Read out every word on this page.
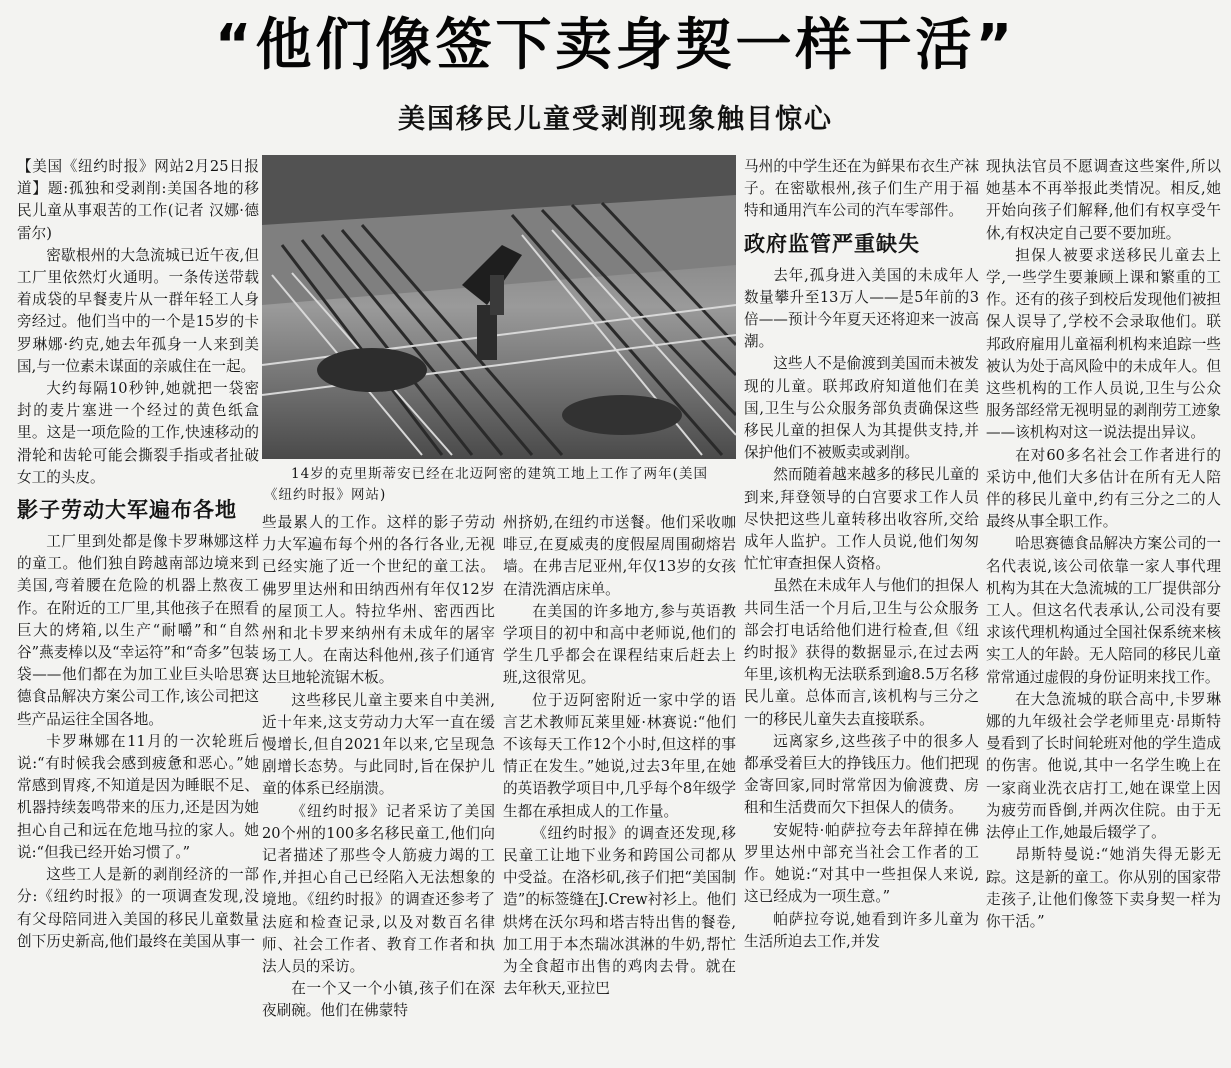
“他们像签下卖身契一样干活”
美国移民儿童受剥削现象触目惊心

【美国《纽约时报》网站2月25日报道】题:孤独和受剥削:美国各地的移民儿童从事艰苦的工作(记者 汉娜·德雷尔)

密歇根州的大急流城已近午夜,但工厂里依然灯火通明。一条传送带载着成袋的早餐麦片从一群年轻工人身旁经过。他们当中的一个是15岁的卡罗琳娜·约克,她去年孤身一人来到美国,与一位素未谋面的亲戚住在一起。

大约每隔10秒钟,她就把一袋密封的麦片塞进一个经过的黄色纸盒里。这是一项危险的工作,快速移动的滑轮和齿轮可能会撕裂手指或者扯破女工的头皮。

影子劳动大军遍布各地

工厂里到处都是像卡罗琳娜这样的童工。他们独自跨越南部边境来到美国,弯着腰在危险的机器上熬夜工作。在附近的工厂里,其他孩子在照看巨大的烤箱,以生产“耐嚼”和“自然谷”燕麦棒以及“幸运符”和“奇多”包装袋——他们都在为加工业巨头哈思赛德食品解决方案公司工作,该公司把这些产品运往全国各地。

卡罗琳娜在11月的一次轮班后说:“有时候我会感到疲惫和恶心。”她常感到胃疼,不知道是因为睡眠不足、机器持续轰鸣带来的压力,还是因为她担心自己和远在危地马拉的家人。她说:“但我已经开始习惯了。”

这些工人是新的剥削经济的一部分:《纽约时报》的一项调查发现,没有父母陪同进入美国的移民儿童数量创下历史新高,他们最终在美国从事一

14岁的克里斯蒂安已经在北迈阿密的建筑工地上工作了两年(美国《纽约时报》网站)

些最累人的工作。这样的影子劳动力大军遍布每个州的各行各业,无视已经实施了近一个世纪的童工法。佛罗里达州和田纳西州有年仅12岁的屋顶工人。特拉华州、密西西比州和北卡罗来纳州有未成年的屠宰场工人。在南达科他州,孩子们通宵达旦地轮流锯木板。

这些移民儿童主要来自中美洲,近十年来,这支劳动力大军一直在缓慢增长,但自2021年以来,它呈现急剧增长态势。与此同时,旨在保护儿童的体系已经崩溃。

《纽约时报》记者采访了美国20个州的100多名移民童工,他们向记者描述了那些令人筋疲力竭的工作,并担心自己已经陷入无法想象的境地。《纽约时报》的调查还参考了法庭和检查记录,以及对数百名律师、社会工作者、教育工作者和执法人员的采访。

在一个又一个小镇,孩子们在深夜刷碗。他们在佛蒙特

州挤奶,在纽约市送餐。他们采收咖啡豆,在夏威夷的度假屋周围砌熔岩墙。在弗吉尼亚州,年仅13岁的女孩在清洗酒店床单。

在美国的许多地方,参与英语教学项目的初中和高中老师说,他们的学生几乎都会在课程结束后赶去上班,这很常见。

位于迈阿密附近一家中学的语言艺术教师瓦莱里娅·林赛说:“他们不该每天工作12个小时,但这样的事情正在发生。”她说,过去3年里,在她的英语教学项目中,几乎每个8年级学生都在承担成人的工作量。

《纽约时报》的调查还发现,移民童工让地下业务和跨国公司都从中受益。在洛杉矶,孩子们把“美国制造”的标签缝在J.Crew衬衫上。他们烘烤在沃尔玛和塔吉特出售的餐卷,加工用于本杰瑞冰淇淋的牛奶,帮忙为全食超市出售的鸡肉去骨。就在去年秋天,亚拉巴

马州的中学生还在为鲜果布衣生产袜子。在密歇根州,孩子们生产用于福特和通用汽车公司的汽车零部件。

政府监管严重缺失

去年,孤身进入美国的未成年人数量攀升至13万人——是5年前的3倍——预计今年夏天还将迎来一波高潮。

这些人不是偷渡到美国而未被发现的儿童。联邦政府知道他们在美国,卫生与公众服务部负责确保这些移民儿童的担保人为其提供支持,并保护他们不被贩卖或剥削。

然而随着越来越多的移民儿童的到来,拜登领导的白宫要求工作人员尽快把这些儿童转移出收容所,交给成年人监护。工作人员说,他们匆匆忙忙审查担保人资格。

虽然在未成年人与他们的担保人共同生活一个月后,卫生与公众服务部会打电话给他们进行检查,但《纽约时报》获得的数据显示,在过去两年里,该机构无法联系到逾8.5万名移民儿童。总体而言,该机构与三分之一的移民儿童失去直接联系。

远离家乡,这些孩子中的很多人都承受着巨大的挣钱压力。他们把现金寄回家,同时常常因为偷渡费、房租和生活费而欠下担保人的债务。

安妮特·帕萨拉夸去年辞掉在佛罗里达州中部充当社会工作者的工作。她说:“对其中一些担保人来说,这已经成为一项生意。”

帕萨拉夸说,她看到许多儿童为生活所迫去工作,并发

现执法官员不愿调查这些案件,所以她基本不再举报此类情况。相反,她开始向孩子们解释,他们有权享受午休,有权决定自己要不要加班。

担保人被要求送移民儿童去上学,一些学生要兼顾上课和繁重的工作。还有的孩子到校后发现他们被担保人误导了,学校不会录取他们。联邦政府雇用儿童福利机构来追踪一些被认为处于高风险中的未成年人。但这些机构的工作人员说,卫生与公众服务部经常无视明显的剥削劳工迹象——该机构对这一说法提出异议。

在对60多名社会工作者进行的采访中,他们大多估计在所有无人陪伴的移民儿童中,约有三分之二的人最终从事全职工作。

哈思赛德食品解决方案公司的一名代表说,该公司依靠一家人事代理机构为其在大急流城的工厂提供部分工人。但这名代表承认,公司没有要求该代理机构通过全国社保系统来核实工人的年龄。无人陪同的移民儿童常常通过虚假的身份证明来找工作。

在大急流城的联合高中,卡罗琳娜的九年级社会学老师里克·昂斯特曼看到了长时间轮班对他的学生造成的伤害。他说,其中一名学生晚上在一家商业洗衣店打工,她在课堂上因为疲劳而昏倒,并两次住院。由于无法停止工作,她最后辍学了。

昂斯特曼说:“她消失得无影无踪。这是新的童工。你从别的国家带走孩子,让他们像签下卖身契一样为你干活。”
